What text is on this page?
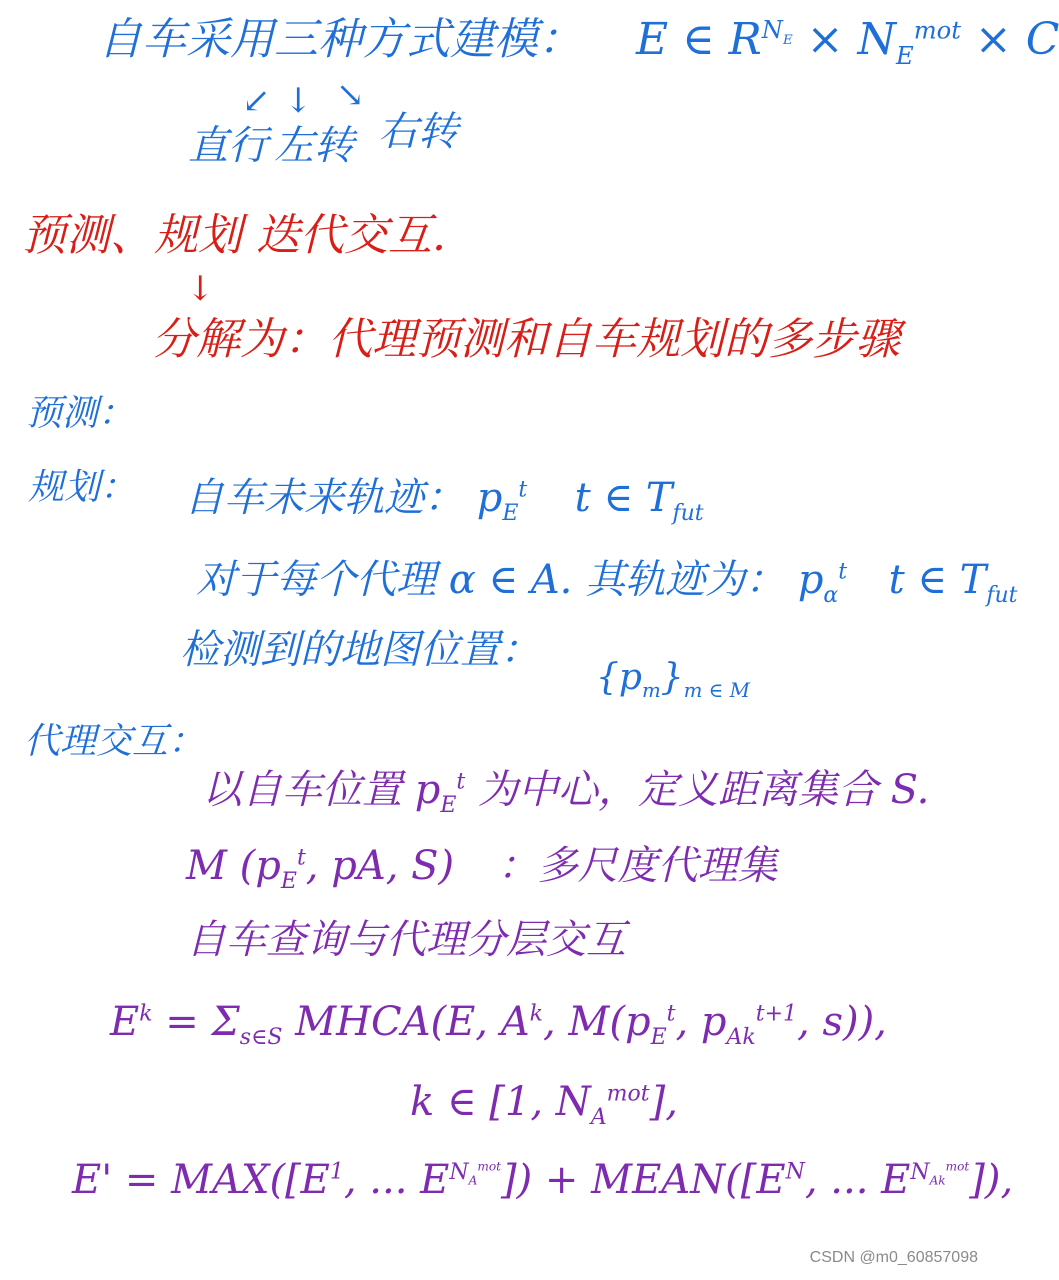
自车采用三种方式建模： E ∈ $R^{N_E} \times N_E^{mot} \times C$
↙ ↓ ↘
直行 左转 右转
预测、规划 迭代交互.
↓
分解为：代理预测和自车规划的多步骤
预测：
规划： 自车未来轨迹： $p_E^t$ t ∈ $T_{fut}$
对于每个代理 α ∈ A. 其轨迹为： $p_\alpha^t$ t ∈ $T_{fut}$
检测到的地图位置：
$\{p_m\}_{m \in M}$
代理交互：
以自车位置 $p_E^t$ 为中心，定义距离集合 S.
M ($p_E^t$, pA, S) ：多尺度代理集
自车查询与代理分层交互
$E^k = \Sigma_{s\in S}$ MHCA(E, $A^k$, $M(p_E^t$, $p_{Ak}^{t+1}$, s)),
k ∈ [1, $N_A^{mot}$],
$E' = MAX([E^1$, ... $E^{N_A^{mot}}$]) + $MEAN([E^N$, ... $E^{N_{Ak}^{mot}}$]),
CSDN @m0_60857098
